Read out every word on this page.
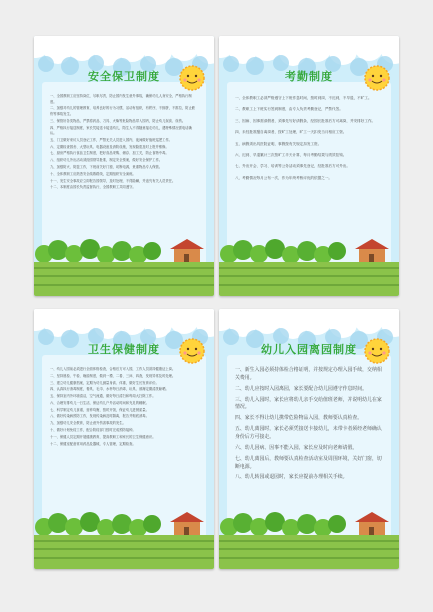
安全保卫制度

一、全园教职工应坚持岗位，尽职尽责，防止园内发生意外事故，确保幼儿人身安全，严格执行制度。

二、加强对幼儿的管理教育，培养良好的行为习惯，活动有组织，有秩序，不拥挤，不推拉，防止跌伤等事故发生。

三、保管好各类物品，严禁将药品、刀具、火柴等危险物品带入园内，防止幼儿误食、误伤。

四、严格执行接送制度，家长凭接送卡接送幼儿，陌生人不得随意接走幼儿，遇特殊情况需电话确认。

五、门卫做好来访人员登记工作，严禁无关人员进入园内，夜间做好值班巡逻工作。

六、定期检查园舍、大型玩具、电器设备及消防设施，发现隐患及时上报并维修。

七、厨房严格执行食品卫生制度，把好食品采购、储存、加工关，防止食物中毒。

八、组织幼儿外出活动须经园领导批准，制定安全预案，做好安全保护工作。

九、加强防火、防盗工作，下班前关好门窗，切断电源，贵重物品专人保管。

十、全体教职工应熟悉安全疏散路线，定期组织安全演练。

十一、发生安全事故应立即报告园领导，及时处理，不得隐瞒，并追究有关人员责任。

十二、本制度由园长负责监督执行，全园教职工共同遵守。

考勤制度

一、全体教职工必须严格遵守上下班作息时间，按时到岗，不迟到，不早退，不旷工。

二、教职工上下班实行签到制度，由专人负责考勤登记，严禁代签。

三、因病、因事需请假者，须事先写好请假条，经园长批准后方可离岗，并安排好工作。

四、未经批准擅自离岗者，按旷工处理，旷工一天扣发当月相应工资。

五、病假须出具医院证明，事假按有关规定扣发工资。

六、迟到、早退累计三次按旷工半天计算，每月考勤结果与绩效挂钩。

七、外出开会、学习、培训等公务活动须事先登记，经批准后方可外出。

八、考勤情况每月公布一次，作为年终考核评优的依据之一。

卫生保健制度

一、幼儿入园前必须进行全面体格检查，合格后方可入园，工作人员须持健康证上岗。

二、坚持晨检、午检、晚检制度，做到一摸、二看、三问、四查，发现异常及时处理。

三、建立幼儿健康档案，定期为幼儿测量身高、体重，做好生长发育评价。

四、认真执行消毒制度，餐具、毛巾、水杯每日消毒，玩具、被褥定期清洗晾晒。

五、保持室内外环境清洁，空气流通，做好每日清扫和每周大扫除工作。

六、合理安排幼儿一日生活，保证幼儿户外活动时间和充足的睡眠。

七、科学制定幼儿食谱，营养均衡，按时开饭，保证幼儿进餐质量。

八、做好传染病预防工作，发现传染病及时隔离，报告并彻底消毒。

九、加强幼儿安全教育，防止意外伤害事故的发生。

十、做好计划免疫工作，配合防疫部门按时完成预防接种。

十一、保健人员定期开展健康教育，提高教职工和家长的卫生保健意识。

十二、保健室配备常用药品及器械，专人管理，定期检查。

幼儿入园离园制度

一、新生入园必须持体检合格证明，并按规定办理入园手续，交纳相关费用。

二、幼儿应按时入园离园，家长要配合幼儿园遵守作息时间。

三、幼儿入园时，家长应将幼儿亲手交给值班老师，并说明幼儿在家情况。

四、家长不得让幼儿携带危险物品入园，教师要认真检查。

五、幼儿离园时，家长必须凭接送卡接幼儿，未带卡者须经老师确认身份后方可接走。

六、幼儿因病、因事不能入园，家长应及时向老师请假。

七、幼儿离园后，教师要认真检查活动室及周围环境，关好门窗，切断电源。

八、幼儿转园或退园时，家长应提前办理相关手续。
